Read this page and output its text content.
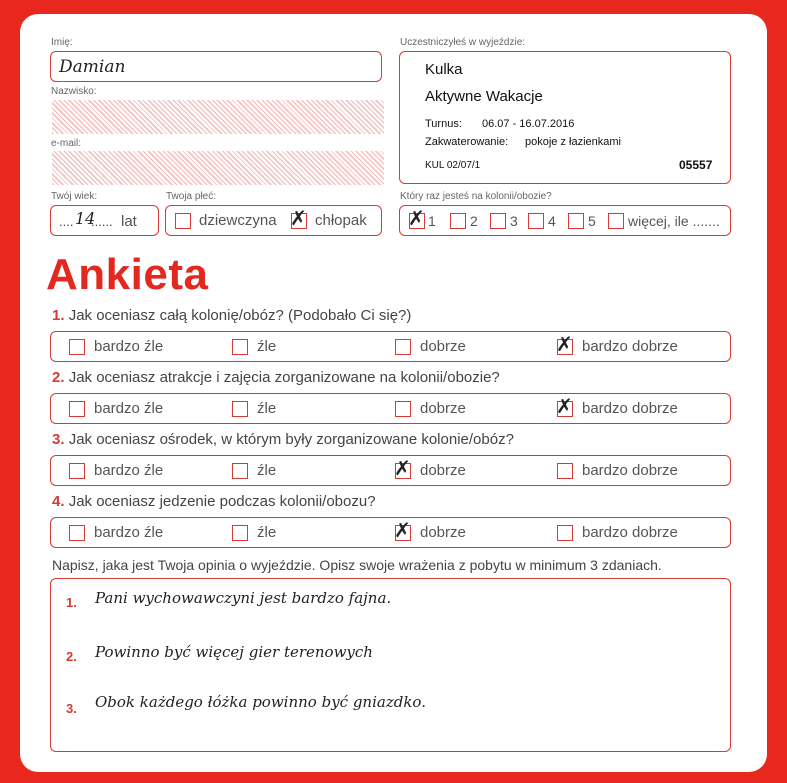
Imię:
Damian
Nazwisko:
e-mail:
Twój wiek:
.... 14
...... lat
Twoja płeć:
dziewczyna ✗ chłopak
Uczestniczyłeś w wyjeździe:
Kulka
Aktywne Wakacje
Turnus: 06.07 - 16.07.2016
Zakwaterowanie: pokoje z łazienkami
KUL 02/07/1	05557
Który raz jesteś na kolonii/obozie?
✗ 1 2 3 4 5 więcej, ile .......
Ankieta
1. Jak oceniasz całą kolonię/obóz? (Podobało Ci się?)
bardzo źle	źle	dobrze	✗ bardzo dobrze
2. Jak oceniasz atrakcje i zajęcia zorganizowane na kolonii/obozie?
bardzo źle	źle	dobrze	✗ bardzo dobrze
3. Jak oceniasz ośrodek, w którym były zorganizowane kolonie/obóz?
bardzo źle	źle	✗ dobrze	bardzo dobrze
4. Jak oceniasz jedzenie podczas kolonii/obozu?
bardzo źle	źle	✗ dobrze	bardzo dobrze
Napisz, jaka jest Twoja opinia o wyjeździe. Opisz swoje wrażenia z pobytu w minimum 3 zdaniach.
1. Pani wychowawczyni jest bardzo fajna.
2. Powinno być więcej gier terenowych
3. Obok każdego łóżka powinno być gniazdko.
